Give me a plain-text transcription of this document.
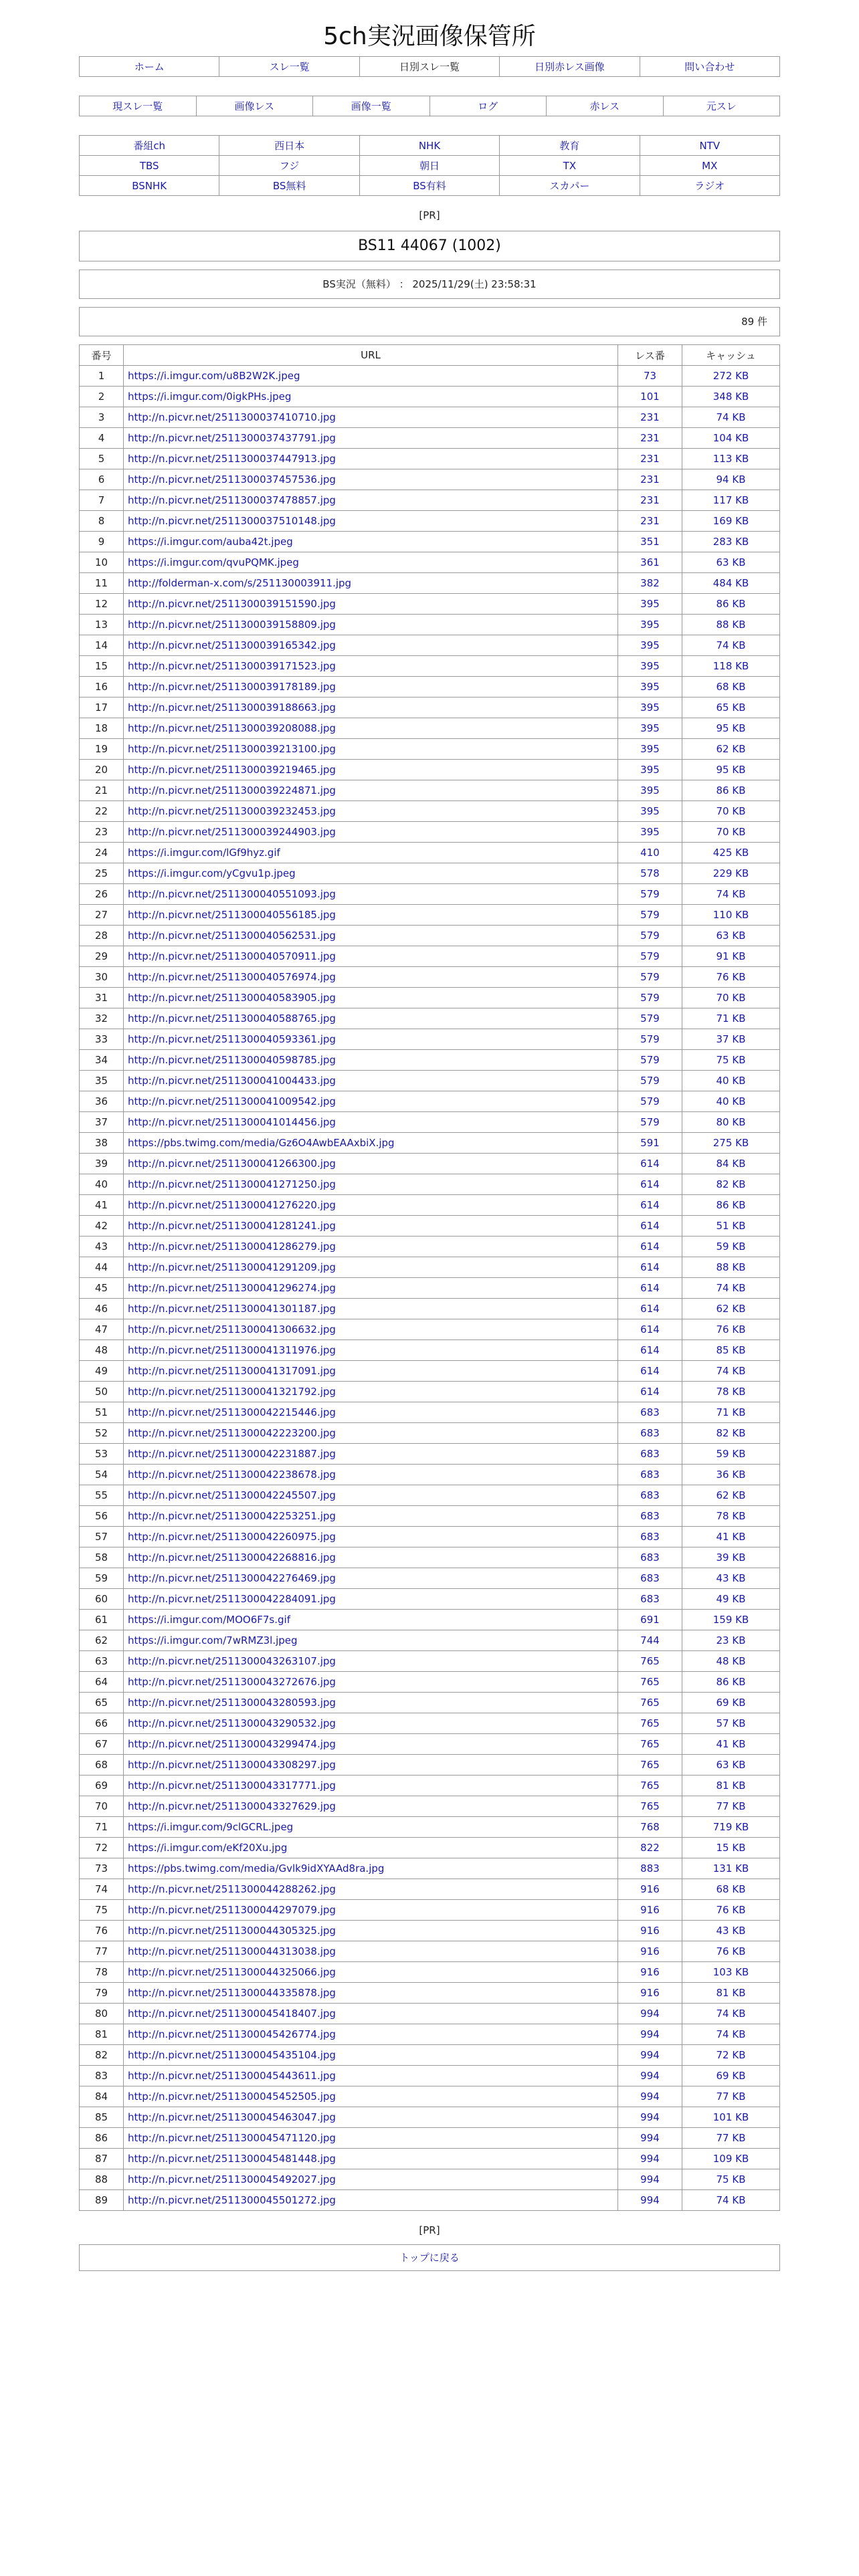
5ch実況画像保管所
ホーム	スレ一覧	日別スレ一覧	日別赤レス画像	問い合わせ
現スレ一覧	画像レス	画像一覧	ログ	赤レス	元スレ
番組ch	西日本	NHK	教育	NTV
TBS	フジ	朝日	TX	MX
BSNHK	BS無料	BS有料	スカパー	ラジオ
[PR]
BS11 44067 (1002)
BS実況（無料） ： 2025/11/29(土) 23:58:31
89 件
番号	URL	レス番	キャッシュ
1	https://i.imgur.com/u8B2W2K.jpeg	73	272 KB
2	https://i.imgur.com/0igkPHs.jpeg	101	348 KB
3	http://n.picvr.net/2511300037410710.jpg	231	74 KB
4	http://n.picvr.net/2511300037437791.jpg	231	104 KB
5	http://n.picvr.net/2511300037447913.jpg	231	113 KB
6	http://n.picvr.net/2511300037457536.jpg	231	94 KB
7	http://n.picvr.net/2511300037478857.jpg	231	117 KB
8	http://n.picvr.net/2511300037510148.jpg	231	169 KB
9	https://i.imgur.com/auba42t.jpeg	351	283 KB
10	https://i.imgur.com/qvuPQMK.jpeg	361	63 KB
11	http://folderman-x.com/s/251130003911.jpg	382	484 KB
12	http://n.picvr.net/2511300039151590.jpg	395	86 KB
13	http://n.picvr.net/2511300039158809.jpg	395	88 KB
14	http://n.picvr.net/2511300039165342.jpg	395	74 KB
15	http://n.picvr.net/2511300039171523.jpg	395	118 KB
16	http://n.picvr.net/2511300039178189.jpg	395	68 KB
17	http://n.picvr.net/2511300039188663.jpg	395	65 KB
18	http://n.picvr.net/2511300039208088.jpg	395	95 KB
19	http://n.picvr.net/2511300039213100.jpg	395	62 KB
20	http://n.picvr.net/2511300039219465.jpg	395	95 KB
21	http://n.picvr.net/2511300039224871.jpg	395	86 KB
22	http://n.picvr.net/2511300039232453.jpg	395	70 KB
23	http://n.picvr.net/2511300039244903.jpg	395	70 KB
24	https://i.imgur.com/lGf9hyz.gif	410	425 KB
25	https://i.imgur.com/yCgvu1p.jpeg	578	229 KB
26	http://n.picvr.net/2511300040551093.jpg	579	74 KB
27	http://n.picvr.net/2511300040556185.jpg	579	110 KB
28	http://n.picvr.net/2511300040562531.jpg	579	63 KB
29	http://n.picvr.net/2511300040570911.jpg	579	91 KB
30	http://n.picvr.net/2511300040576974.jpg	579	76 KB
31	http://n.picvr.net/2511300040583905.jpg	579	70 KB
32	http://n.picvr.net/2511300040588765.jpg	579	71 KB
33	http://n.picvr.net/2511300040593361.jpg	579	37 KB
34	http://n.picvr.net/2511300040598785.jpg	579	75 KB
35	http://n.picvr.net/2511300041004433.jpg	579	40 KB
36	http://n.picvr.net/2511300041009542.jpg	579	40 KB
37	http://n.picvr.net/2511300041014456.jpg	579	80 KB
38	https://pbs.twimg.com/media/Gz6O4AwbEAAxbiX.jpg	591	275 KB
39	http://n.picvr.net/2511300041266300.jpg	614	84 KB
40	http://n.picvr.net/2511300041271250.jpg	614	82 KB
41	http://n.picvr.net/2511300041276220.jpg	614	86 KB
42	http://n.picvr.net/2511300041281241.jpg	614	51 KB
43	http://n.picvr.net/2511300041286279.jpg	614	59 KB
44	http://n.picvr.net/2511300041291209.jpg	614	88 KB
45	http://n.picvr.net/2511300041296274.jpg	614	74 KB
46	http://n.picvr.net/2511300041301187.jpg	614	62 KB
47	http://n.picvr.net/2511300041306632.jpg	614	76 KB
48	http://n.picvr.net/2511300041311976.jpg	614	85 KB
49	http://n.picvr.net/2511300041317091.jpg	614	74 KB
50	http://n.picvr.net/2511300041321792.jpg	614	78 KB
51	http://n.picvr.net/2511300042215446.jpg	683	71 KB
52	http://n.picvr.net/2511300042223200.jpg	683	82 KB
53	http://n.picvr.net/2511300042231887.jpg	683	59 KB
54	http://n.picvr.net/2511300042238678.jpg	683	36 KB
55	http://n.picvr.net/2511300042245507.jpg	683	62 KB
56	http://n.picvr.net/2511300042253251.jpg	683	78 KB
57	http://n.picvr.net/2511300042260975.jpg	683	41 KB
58	http://n.picvr.net/2511300042268816.jpg	683	39 KB
59	http://n.picvr.net/2511300042276469.jpg	683	43 KB
60	http://n.picvr.net/2511300042284091.jpg	683	49 KB
61	https://i.imgur.com/MOO6F7s.gif	691	159 KB
62	https://i.imgur.com/7wRMZ3l.jpeg	744	23 KB
63	http://n.picvr.net/2511300043263107.jpg	765	48 KB
64	http://n.picvr.net/2511300043272676.jpg	765	86 KB
65	http://n.picvr.net/2511300043280593.jpg	765	69 KB
66	http://n.picvr.net/2511300043290532.jpg	765	57 KB
67	http://n.picvr.net/2511300043299474.jpg	765	41 KB
68	http://n.picvr.net/2511300043308297.jpg	765	63 KB
69	http://n.picvr.net/2511300043317771.jpg	765	81 KB
70	http://n.picvr.net/2511300043327629.jpg	765	77 KB
71	https://i.imgur.com/9clGCRL.jpeg	768	719 KB
72	https://i.imgur.com/eKf20Xu.jpg	822	15 KB
73	https://pbs.twimg.com/media/Gvlk9idXYAAd8ra.jpg	883	131 KB
74	http://n.picvr.net/2511300044288262.jpg	916	68 KB
75	http://n.picvr.net/2511300044297079.jpg	916	76 KB
76	http://n.picvr.net/2511300044305325.jpg	916	43 KB
77	http://n.picvr.net/2511300044313038.jpg	916	76 KB
78	http://n.picvr.net/2511300044325066.jpg	916	103 KB
79	http://n.picvr.net/2511300044335878.jpg	916	81 KB
80	http://n.picvr.net/2511300045418407.jpg	994	74 KB
81	http://n.picvr.net/2511300045426774.jpg	994	74 KB
82	http://n.picvr.net/2511300045435104.jpg	994	72 KB
83	http://n.picvr.net/2511300045443611.jpg	994	69 KB
84	http://n.picvr.net/2511300045452505.jpg	994	77 KB
85	http://n.picvr.net/2511300045463047.jpg	994	101 KB
86	http://n.picvr.net/2511300045471120.jpg	994	77 KB
87	http://n.picvr.net/2511300045481448.jpg	994	109 KB
88	http://n.picvr.net/2511300045492027.jpg	994	75 KB
89	http://n.picvr.net/2511300045501272.jpg	994	74 KB
[PR]
トップに戻る
